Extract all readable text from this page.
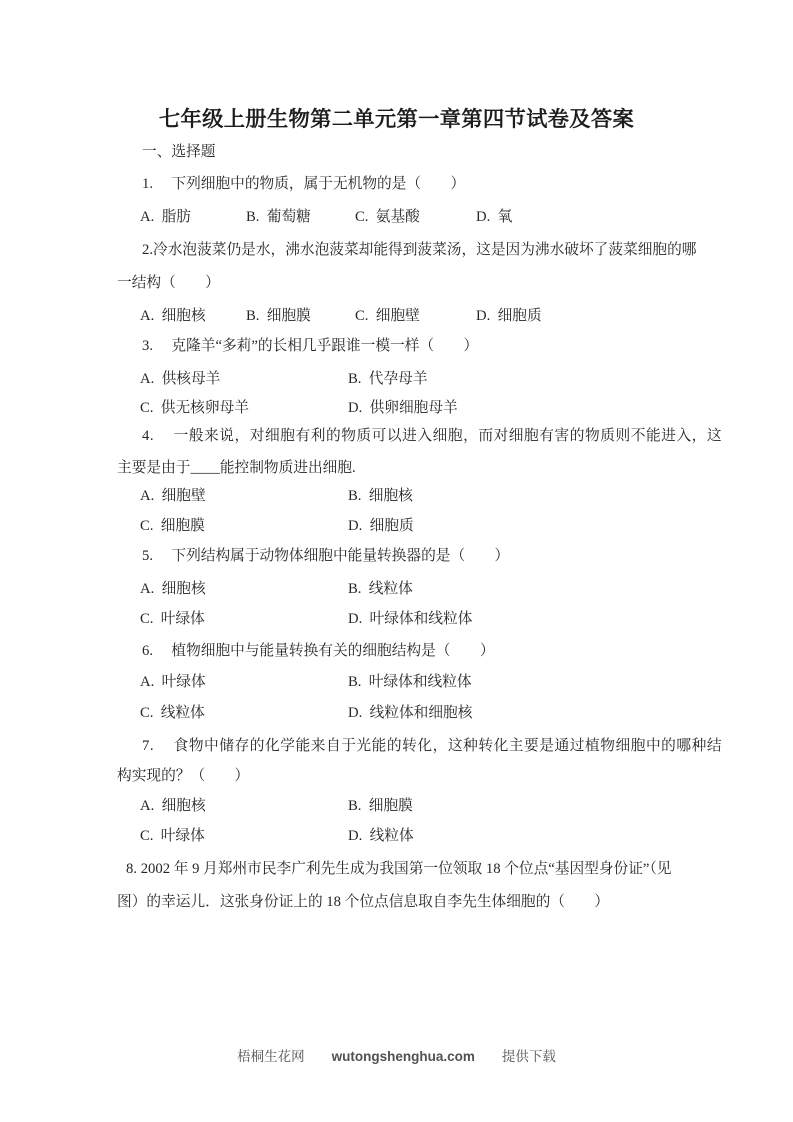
七年级上册生物第二单元第一章第四节试卷及答案
一、选择题
1.　 下列细胞中的物质，属于无机物的是（　　）
A.  脂肪	B.  葡萄糖	C.  氨基酸	D.  氧
2.冷水泡菠菜仍是水，沸水泡菠菜却能得到菠菜汤，这是因为沸水破坏了菠菜细胞的哪
一结构（　　）
A.  细胞核	B.  细胞膜	C.  细胞壁	D.  细胞质
3.　 克隆羊“多莉”的长相几乎跟谁一模一样（　　）
A.  供核母羊	B.  代孕母羊
C.  供无核卵母羊	D.  供卵细胞母羊
4.　 一般来说，对细胞有利的物质可以进入细胞，而对细胞有害的物质则不能进入，这
主要是由于____能控制物质进出细胞.
A.  细胞壁	B.  细胞核
C.  细胞膜	D.  细胞质
5.　 下列结构属于动物体细胞中能量转换器的是（　　）
A.  细胞核	B.  线粒体
C.  叶绿体	D.  叶绿体和线粒体
6.　 植物细胞中与能量转换有关的细胞结构是（　　）
A.  叶绿体	B.  叶绿体和线粒体
C.  线粒体	D.  线粒体和细胞核
7.　 食物中储存的化学能来自于光能的转化，这种转化主要是通过植物细胞中的哪种结
构实现的？（　　）
A.  细胞核	B.  细胞膜
C.  叶绿体	D.  线粒体
8. 2002 年 9 月郑州市民李广利先生成为我国第一位领取 18 个位点“基因型身份证”（见
图）的幸运儿．这张身份证上的 18 个位点信息取自李先生体细胞的（　　）
梧桐生花网 wutongshenghua.com 提供下载
